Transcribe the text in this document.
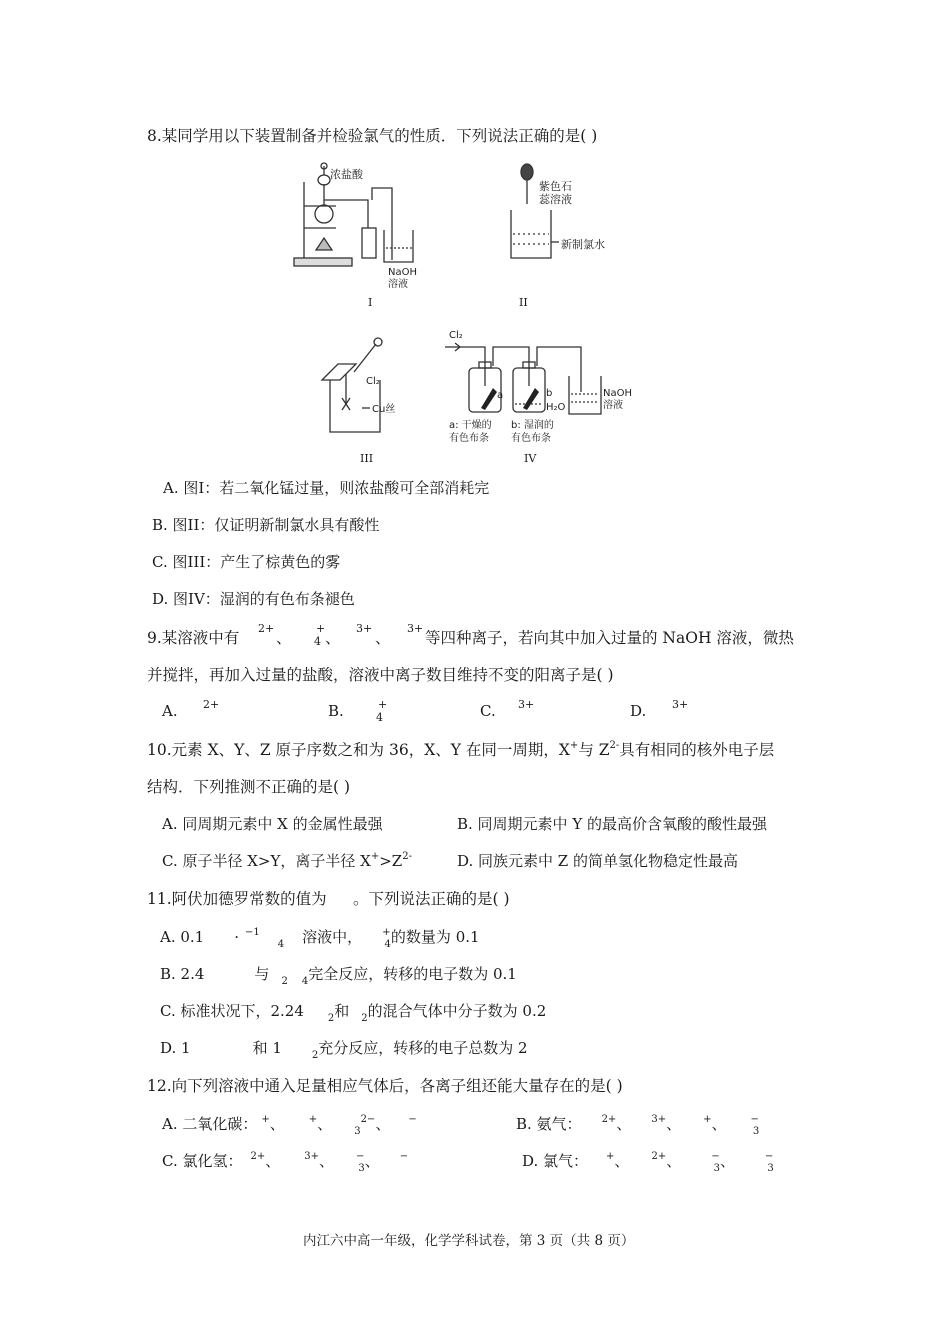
8.某同学用以下装置制备并检验氯气的性质．下列说法正确的是( )
浓盐酸
NaOH
溶液
I
紫色石
蕊溶液
新制氯水
II
Cl₂
Cu丝
III
Cl₂
a	b
H₂O
NaOH
溶液
a: 干燥的
有色布条
b: 湿润的
有色布条
IV
A. 图I：若二氧化锰过量，则浓盐酸可全部消耗完
B. 图II：仅证明新制氯水具有酸性
C. 图III：产生了棕黄色的雾
D. 图IV：湿润的有色布条褪色
9.某溶液中有
2+
、
+
4 、
3+
、
3+
等四种离子，若向其中加入过量的 NaOH 溶液，微热
并搅拌，再加入过量的盐酸，溶液中离子数目维持不变的阳离子是( )
A. 2+	B.	+
4	C. 3+	D. 3+
10.元素 X、Y、Z 原子序数之和为 36，X、Y 在同一周期，X+与 $Z^{2-}$具有相同的核外电子层
结构．下列推测不正确的是( )
A. 同周期元素中 X 的金属性最强	B. 同周期元素中 Y 的最高价含氧酸的酸性最强
C. 原子半径 X>Y，离子半径 $X^+>Z^{2-}$	D. 同族元素中 Z 的简单氢化物稳定性最高
11.阿伏加德罗常数的值为 。下列说法正确的是( )
A. 0.1 · $^{-1}_4$ 溶液中， +$_4$的数量为 0.1
B. 2.4	与 $_2$ $_4$完全反应，转移的电子数为 0.1
C. 标准状况下，2.24 $_2$和 $_2$的混合气体中分子数为 0.2
D. 1	和 1	$_2$充分反应，转移的电子总数为 2
12.向下列溶液中通入足量相应气体后，各离子组还能大量存在的是( )
A. 二氧化碳： +、 +、 $_3^{2-}$、 −	B. 氨气： $^{2+}$、 $^{3+}$、 +、 −$_3$
C. 氯化氢： $^{2+}$、 $^{3+}$、 −$_3$、 −	D. 氯气： +、 $^{2+}$、	−$_3$、	−$_3$
内江六中高一年级，化学学科试卷，第 3 页（共 8 页）
